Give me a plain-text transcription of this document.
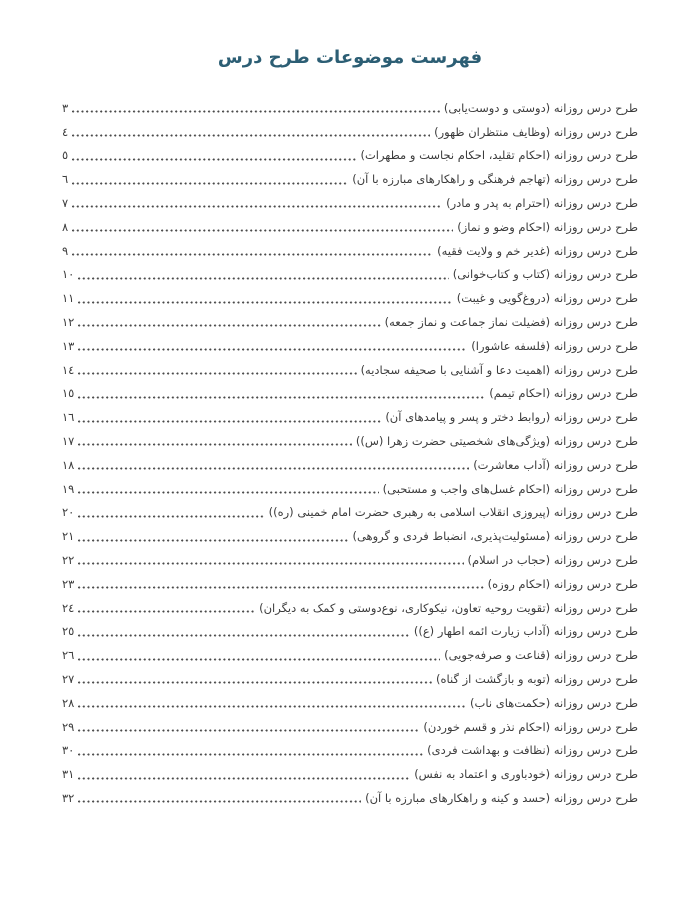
فهرست موضوعات طرح درس
طرح درس روزانه (دوستی و دوست‌یابی)
٣
طرح درس روزانه (وظایف منتظران ظهور)
٤
طرح درس روزانه (احکام تقلید، احکام نجاست و مطهرات)
٥
طرح درس روزانه (تهاجم فرهنگی و راهکارهای مبارزه با آن)
٦
طرح درس روزانه (احترام به پدر و مادر)
٧
طرح درس روزانه (احکام وضو و نماز)
٨
طرح درس روزانه (غدیر خم و ولایت فقیه)
٩
طرح درس روزانه (کتاب و کتاب‌خوانی)
١٠
طرح درس روزانه (دروغ‌گویی و غیبت)
١١
طرح درس روزانه (فضیلت نماز جماعت و نماز جمعه)
١٢
طرح درس روزانه (فلسفه عاشورا)
١٣
طرح درس روزانه (اهمیت دعا و آشنایی با صحیفه سجادیه)
١٤
طرح درس روزانه (احکام تیمم)
١٥
طرح درس روزانه (روابط دختر و پسر و پیامدهای آن)
١٦
طرح درس روزانه (ویژگی‌های شخصیتی حضرت زهرا (س))
١٧
طرح درس روزانه (آداب معاشرت)
١٨
طرح درس روزانه (احکام غسل‌های واجب و مستحبی)
١٩
طرح درس روزانه (پیروزی انقلاب اسلامی به رهبری حضرت امام خمینی (ره))
٢٠
طرح درس روزانه (مسئولیت‌پذیری، انضباط فردی و گروهی)
٢١
طرح درس روزانه (حجاب در اسلام)
٢٢
طرح درس روزانه (احکام روزه)
٢٣
طرح درس روزانه (تقویت روحیه تعاون، نیکوکاری، نوع‌دوستی و کمک به دیگران)
٢٤
طرح درس روزانه (آداب زیارت ائمه اطهار (ع))
٢٥
طرح درس روزانه (قناعت و صرفه‌جویی)
٢٦
طرح درس روزانه (توبه و بازگشت از گناه)
٢٧
طرح درس روزانه (حکمت‌های ناب)
٢٨
طرح درس روزانه (احکام نذر و قسم خوردن)
٢٩
طرح درس روزانه (نظافت و بهداشت فردی)
٣٠
طرح درس روزانه (خودباوری و اعتماد به نفس)
٣١
طرح درس روزانه (حسد و کینه و راهکارهای مبارزه با آن)
٣٢
